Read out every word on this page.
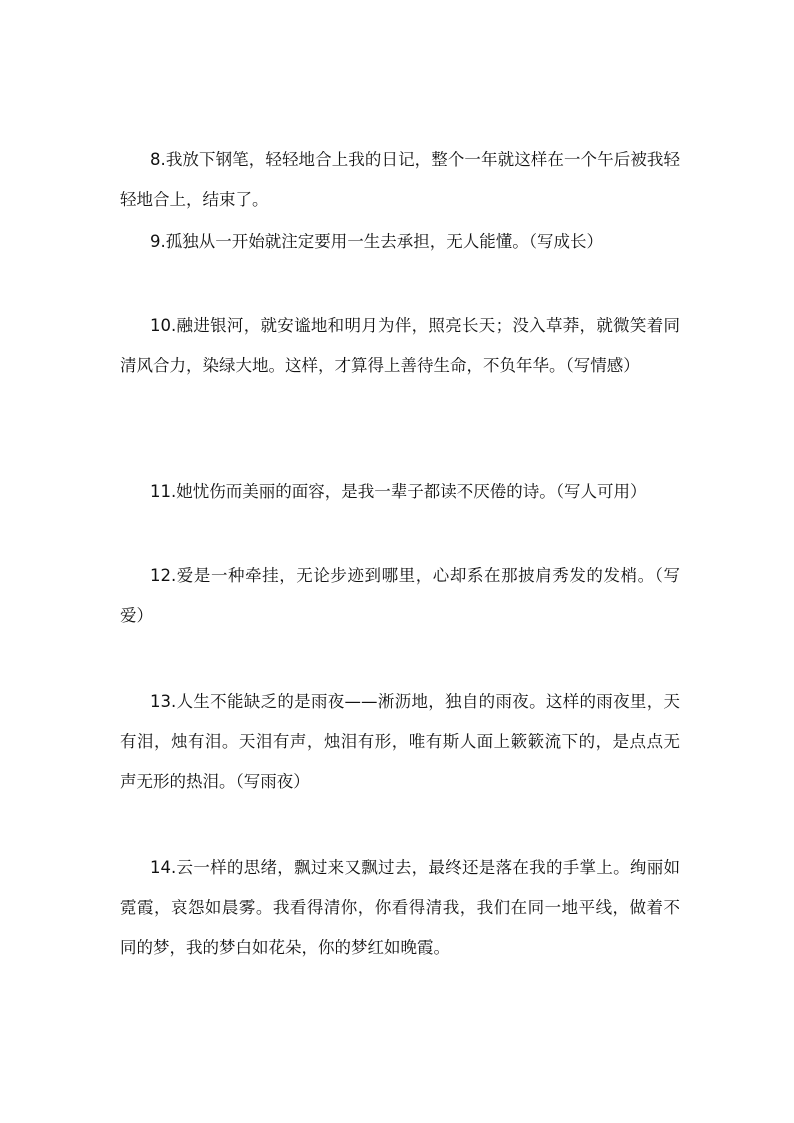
8.我放下钢笔，轻轻地合上我的日记，整个一年就这样在一个午后被我轻轻地合上，结束了。

9.孤独从一开始就注定要用一生去承担，无人能懂。（写成长）

10.融进银河，就安谧地和明月为伴，照亮长天；没入草莽，就微笑着同清风合力，染绿大地。这样，才算得上善待生命，不负年华。（写情感）

11.她忧伤而美丽的面容，是我一辈子都读不厌倦的诗。（写人可用）

12.爱是一种牵挂，无论步迹到哪里，心却系在那披肩秀发的发梢。（写爱）

13.人生不能缺乏的是雨夜——淅沥地，独自的雨夜。这样的雨夜里，天有泪，烛有泪。天泪有声，烛泪有形，唯有斯人面上簌簌流下的，是点点无声无形的热泪。（写雨夜）

14.云一样的思绪，飘过来又飘过去，最终还是落在我的手掌上。绚丽如霓霞，哀怨如晨雾。我看得清你，你看得清我，我们在同一地平线，做着不同的梦，我的梦白如花朵，你的梦红如晚霞。
